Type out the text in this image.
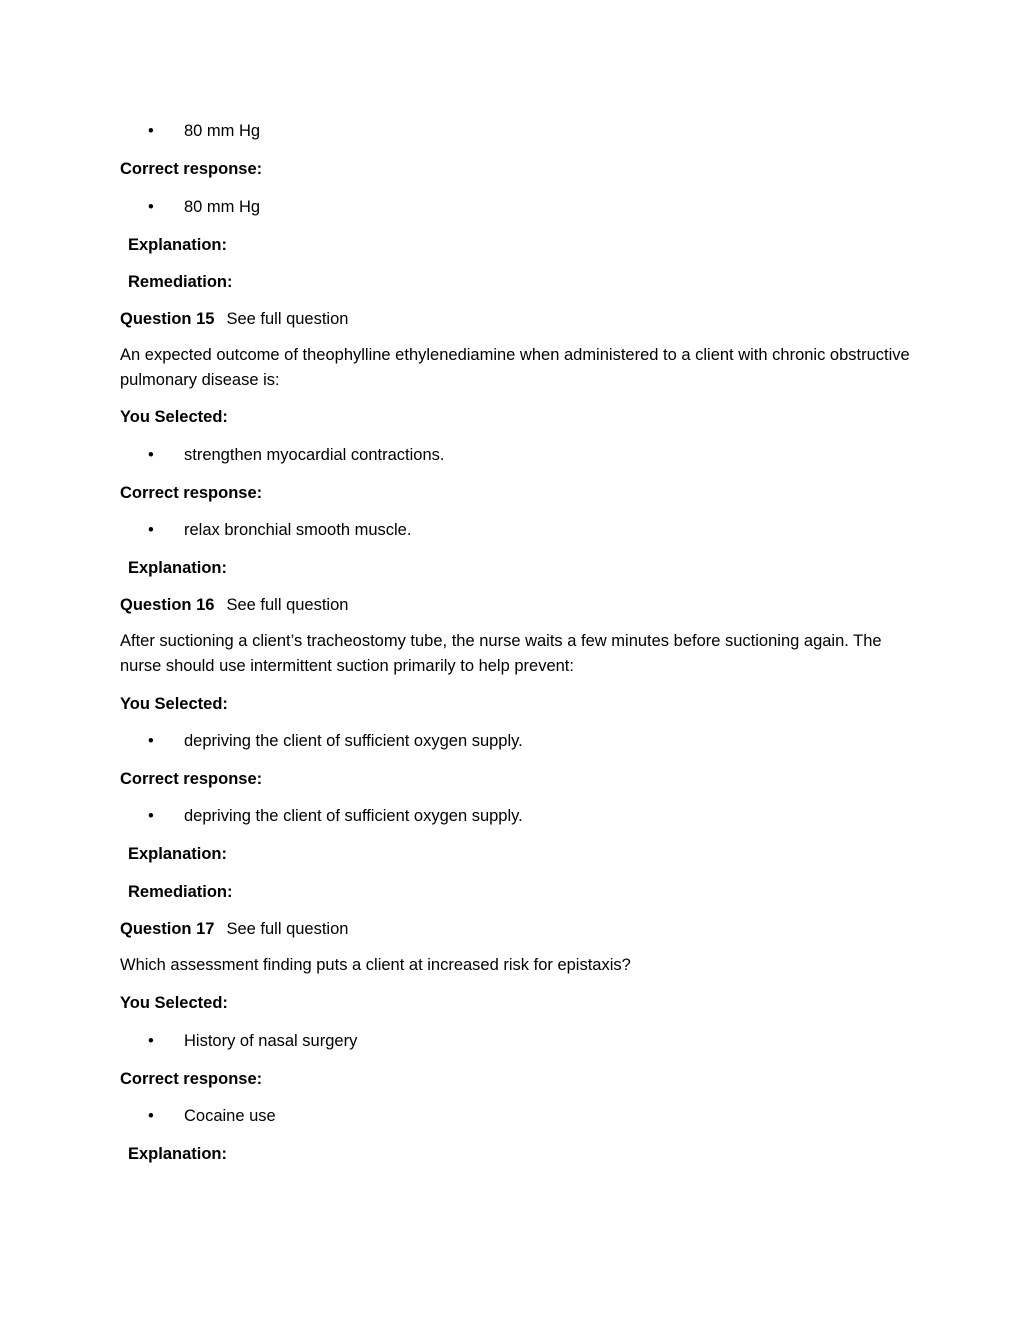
• 80 mm Hg
Correct response:
• 80 mm Hg
Explanation:
Remediation:
Question 15 See full question
An expected outcome of theophylline ethylenediamine when administered to a client with chronic obstructive pulmonary disease is:
You Selected:
• strengthen myocardial contractions.
Correct response:
• relax bronchial smooth muscle.
Explanation:
Question 16 See full question
After suctioning a client’s tracheostomy tube, the nurse waits a few minutes before suctioning again. The nurse should use intermittent suction primarily to help prevent:
You Selected:
• depriving the client of sufficient oxygen supply.
Correct response:
• depriving the client of sufficient oxygen supply.
Explanation:
Remediation:
Question 17 See full question
Which assessment finding puts a client at increased risk for epistaxis?
You Selected:
• History of nasal surgery
Correct response:
• Cocaine use
Explanation:
